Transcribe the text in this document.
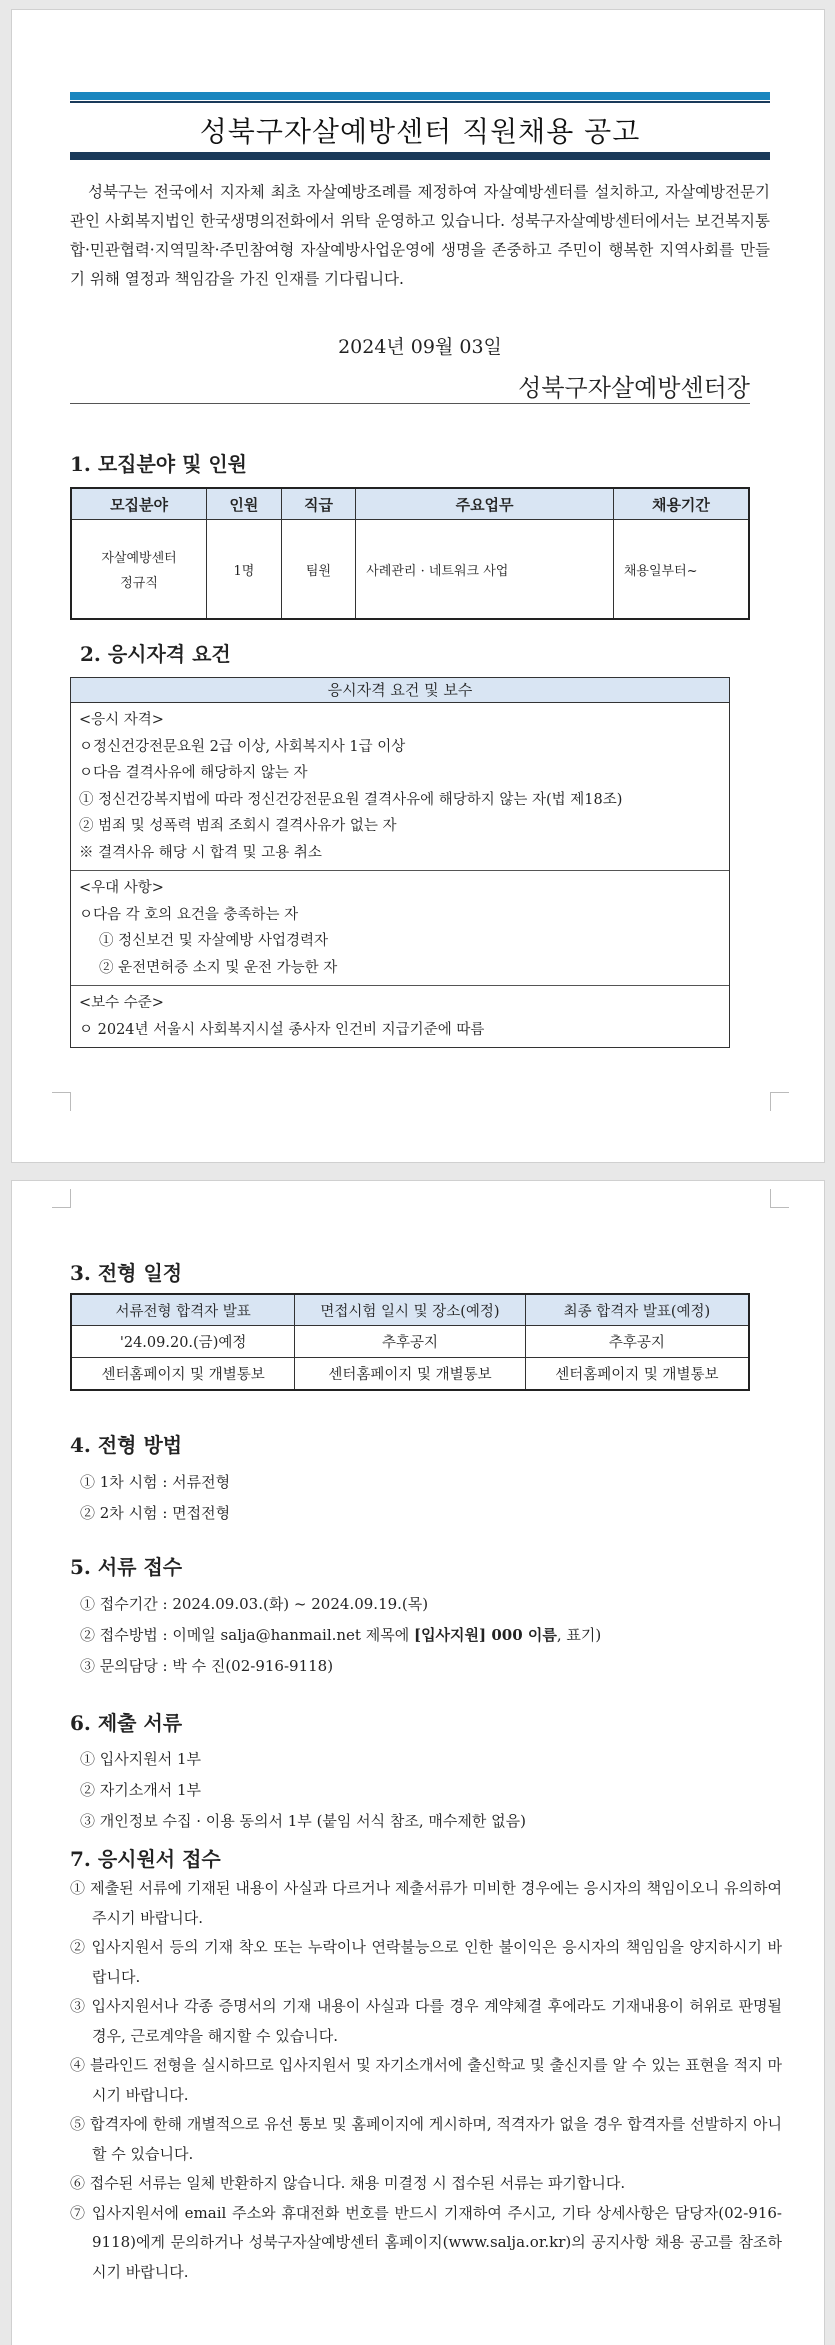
성북구자살예방센터 직원채용 공고
성북구는 전국에서 지자체 최초 자살예방조례를 제정하여 자살예방센터를 설치하고, 자살예방전문기관인 사회복지법인 한국생명의전화에서 위탁 운영하고 있습니다. 성북구자살예방센터에서는 보건복지통합·민관협력·지역밀착·주민참여형 자살예방사업운영에 생명을 존중하고 주민이 행복한 지역사회를 만들기 위해 열정과 책임감을 가진 인재를 기다립니다.
2024년 09월 03일
성북구자살예방센터장
1. 모집분야 및 인원
모집분야	인원	직급	주요업무	채용기간

자살예방센터
정규직	1명	팀원	사례관리 · 네트워크 사업	채용일부터~
2. 응시자격 요건
응시자격 요건 및 보수
<응시 자격>
ㅇ정신건강전문요원 2급 이상, 사회복지사 1급 이상
ㅇ다음 결격사유에 해당하지 않는 자
① 정신건강복지법에 따라 정신건강전문요원 결격사유에 해당하지 않는 자(법 제18조)
② 범죄 및 성폭력 범죄 조회시 결격사유가 없는 자
※ 결격사유 해당 시 합격 및 고용 취소
<우대 사항>
ㅇ다음 각 호의 요건을 충족하는 자
① 정신보건 및 자살예방 사업경력자
② 운전면허증 소지 및 운전 가능한 자
<보수 수준>
ㅇ 2024년 서울시 사회복지시설 종사자 인건비 지급기준에 따름
3. 전형 일정
서류전형 합격자 발표	면접시험 일시 및 장소(예정)	최종 합격자 발표(예정)
'24.09.20.(금)예정	추후공지	추후공지
센터홈페이지 및 개별통보	센터홈페이지 및 개별통보	센터홈페이지 및 개별통보
4. 전형 방법
① 1차 시험 : 서류전형
② 2차 시험 : 면접전형
5. 서류 접수
① 접수기간 : 2024.09.03.(화) ~ 2024.09.19.(목)
② 접수방법 : 이메일 salja@hanmail.net 제목에 [입사지원] 000 이름, 표기)
③ 문의담당 : 박 수 진(02-916-9118)
6. 제출 서류
① 입사지원서 1부
② 자기소개서 1부
③ 개인정보 수집 · 이용 동의서 1부 (붙임 서식 참조, 매수제한 없음)
7. 응시원서 접수
① 제출된 서류에 기재된 내용이 사실과 다르거나 제출서류가 미비한 경우에는 응시자의 책임이오니 유의하여 주시기 바랍니다.
② 입사지원서 등의 기재 착오 또는 누락이나 연락불능으로 인한 불이익은 응시자의 책임임을 양지하시기 바랍니다.
③ 입사지원서나 각종 증명서의 기재 내용이 사실과 다를 경우 계약체결 후에라도 기재내용이 허위로 판명될 경우, 근로계약을 해지할 수 있습니다.
④ 블라인드 전형을 실시하므로 입사지원서 및 자기소개서에 출신학교 및 출신지를 알 수 있는 표현을 적지 마시기 바랍니다.
⑤ 합격자에 한해 개별적으로 유선 통보 및 홈페이지에 게시하며, 적격자가 없을 경우 합격자를 선발하지 아니할 수 있습니다.
⑥ 접수된 서류는 일체 반환하지 않습니다. 채용 미결정 시 접수된 서류는 파기합니다.
⑦ 입사지원서에 email 주소와 휴대전화 번호를 반드시 기재하여 주시고, 기타 상세사항은 담당자(02-916-9118)에게 문의하거나 성북구자살예방센터 홈페이지(www.salja.or.kr)의 공지사항 채용 공고를 참조하시기 바랍니다.
